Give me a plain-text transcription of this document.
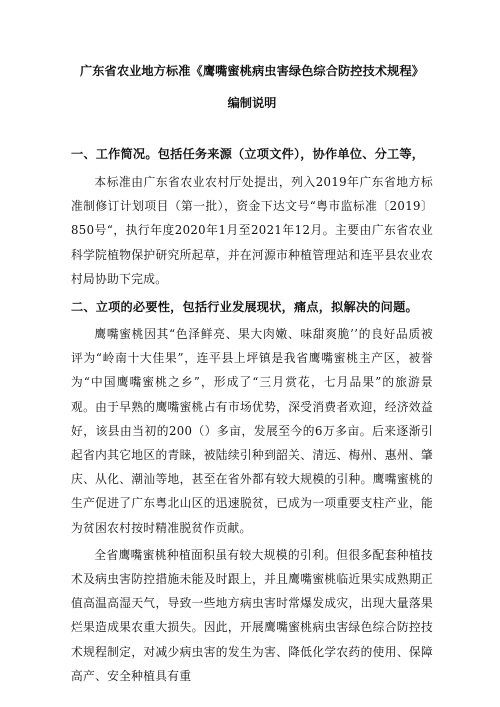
广东省农业地方标准《鹰嘴蜜桃病虫害绿色综合防控技术规程》
编制说明
一、工作简况。包括任务来源（立项文件），协作单位、分工等，

本标准由广东省农业农村厅处提出，列入2019年广东省地方标准制修订计划项目（第一批），资金下达文号“粤市监标准〔2019〕850号“，执行年度2020年1月至2021年12月。主要由广东省农业科学院植物保护研究所起草，并在河源市种植管理站和连平县农业农村局协助下完成。

二、立项的必要性，包括行业发展现状，痛点，拟解决的问题。

鹰嘴蜜桃因其“色泽鲜亮、果大肉嫩、味甜爽脆’’的良好品质被评为“岭南十大佳果”，连平县上坪镇是我省鹰嘴蜜桃主产区，被誉为“中国鹰嘴蜜桃之乡”，形成了“三月赏花，七月品果”的旅游景观。由于早熟的鹰嘴蜜桃占有市场优势，深受消费者欢迎，经济效益好，该县由当初的200（）多亩，发展至今的6万多亩。后来逐渐引起省内其它地区的青睐，被陆续引种到韶关、清远、梅州、惠州、肇庆、从化、潮汕等地，甚至在省外都有较大规模的引种。鹰嘴蜜桃的生产促进了广东粤北山区的迅速脱贫，已成为一项重要支柱产业，能为贫困农村按时精准脱贫作贡献。

全省鹰嘴蜜桃种植面积虽有较大规模的引利。但很多配套种植技术及病虫害防控措施未能及时跟上，并且鹰嘴蜜桃临近果实成熟期正值高温高湿天气，导致一些地方病虫害时常爆发成灾，出现大量落果烂果造成果农重大损失。因此，开展鹰嘴蜜桃病虫害绿色综合防控技术规程制定，对减少病虫害的发生为害、降低化学农药的使用、保障高产、安全种植具有重
